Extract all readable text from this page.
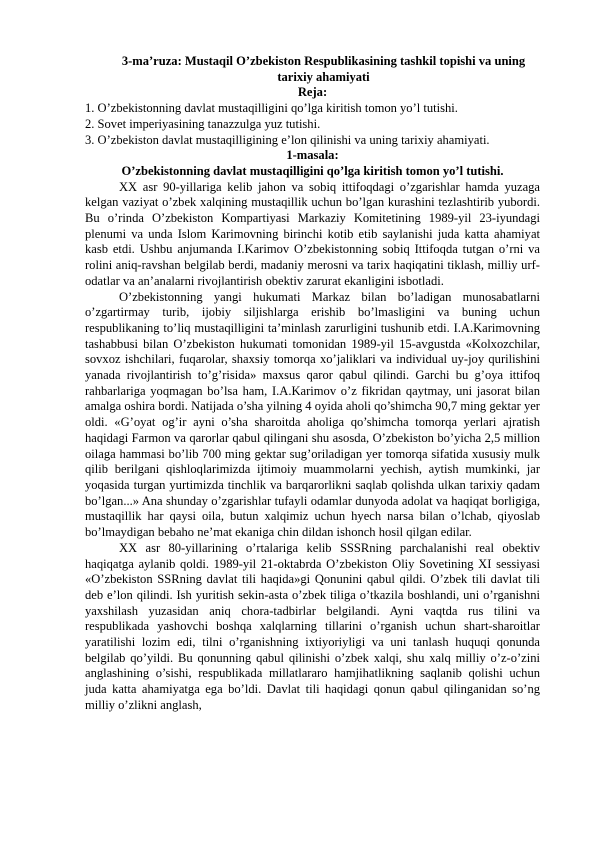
3-ma’ruza: Mustaqil O’zbekiston Respublikasining tashkil topishi va uning tarixiy ahamiyati

Reja:

1. O’zbekistonning davlat mustaqilligini qo’lga kiritish tomon yo’l tutishi.

2. Sovet imperiyasining tanazzulga yuz tutishi.

3. O’zbekiston davlat mustaqilligining e’lon qilinishi va uning tarixiy ahamiyati.

1-masala:

O’zbekistonning davlat mustaqilligini qo’lga kiritish tomon yo’l tutishi.

XX asr 90-yillariga kelib jahon va sobiq ittifoqdagi o’zgarishlar hamda yuzaga kelgan vaziyat o’zbek xalqining mustaqillik uchun bo’lgan kurashini tezlashtirib yubordi. Bu o’rinda O’zbekiston Kompartiyasi Markaziy Komitetining 1989-yil 23-iyundagi plenumi va unda Islom Karimovning birinchi kotib etib saylanishi juda katta ahamiyat kasb etdi. Ushbu anjumanda I.Karimov O’zbekistonning sobiq Ittifoqda tutgan o’rni va rolini aniq-ravshan belgilab berdi, madaniy merosni va tarix haqiqatini tiklash, milliy urf-odatlar va an’analarni rivojlantirish obektiv zarurat ekanligini isbotladi.

O’zbekistonning yangi hukumati Markaz bilan bo’ladigan munosabatlarni o’zgartirmay turib, ijobiy siljishlarga erishib bo’lmasligini va buning uchun respublikaning to’liq mustaqilligini ta’minlash zarurligini tushunib etdi. I.A.Karimovning tashabbusi bilan O’zbekiston hukumati tomonidan 1989-yil 15-avgustda «Kolxozchilar, sovxoz ishchilari, fuqarolar, shaxsiy tomorqa xo’jaliklari va individual uy-joy qurilishini yanada rivojlantirish to’g’risida» maxsus qaror qabul qilindi. Garchi bu g’oya ittifoq rahbarlariga yoqmagan bo’lsa ham, I.A.Karimov o’z fikridan qaytmay, uni jasorat bilan amalga oshira bordi. Natijada o’sha yilning 4 oyida aholi qo’shimcha 90,7 ming gektar yer oldi. «G’oyat og’ir ayni o’sha sharoitda aholiga qo’shimcha tomorqa yerlari ajratish haqidagi Farmon va qarorlar qabul qilingani shu asosda, O’zbekiston bo’yicha 2,5 million oilaga hammasi bo’lib 700 ming gektar sug’oriladigan yer tomorqa sifatida xususiy mulk qilib berilgani qishloqlarimizda ijtimoiy muammolarni yechish, aytish mumkinki, jar yoqasida turgan yurtimizda tinchlik va barqarorlikni saqlab qolishda ulkan tarixiy qadam bo’lgan...» Ana shunday o’zgarishlar tufayli odamlar dunyoda adolat va haqiqat borligiga, mustaqillik har qaysi oila, butun xalqimiz uchun hyech narsa bilan o’lchab, qiyoslab bo’lmaydigan bebaho ne’mat ekaniga chin dildan ishonch hosil qilgan edilar.

XX asr 80-yillarining o’rtalariga kelib SSSRning parchalanishi real obektiv haqiqatga aylanib qoldi. 1989-yil 21-oktabrda O’zbekiston Oliy Sovetining XI sessiyasi «O’zbekiston SSRning davlat tili haqida»gi Qonunini qabul qildi. O’zbek tili davlat tili deb e’lon qilindi. Ish yuritish sekin-asta o’zbek tiliga o’tkazila boshlandi, uni o’rganishni yaxshilash yuzasidan aniq chora-tadbirlar belgilandi. Ayni vaqtda rus tilini va respublikada yashovchi boshqa xalqlarning tillarini o’rganish uchun shart-sharoitlar yaratilishi lozim edi, tilni o’rganishning ixtiyoriyligi va uni tanlash huquqi qonunda belgilab qo’yildi. Bu qonunning qabul qilinishi o’zbek xalqi, shu xalq milliy o’z-o’zini anglashining o’sishi, respublikada millatlararo hamjihatlikning saqlanib qolishi uchun juda katta ahamiyatga ega bo’ldi. Davlat tili haqidagi qonun qabul qilinganidan so’ng milliy o’zlikni anglash,
